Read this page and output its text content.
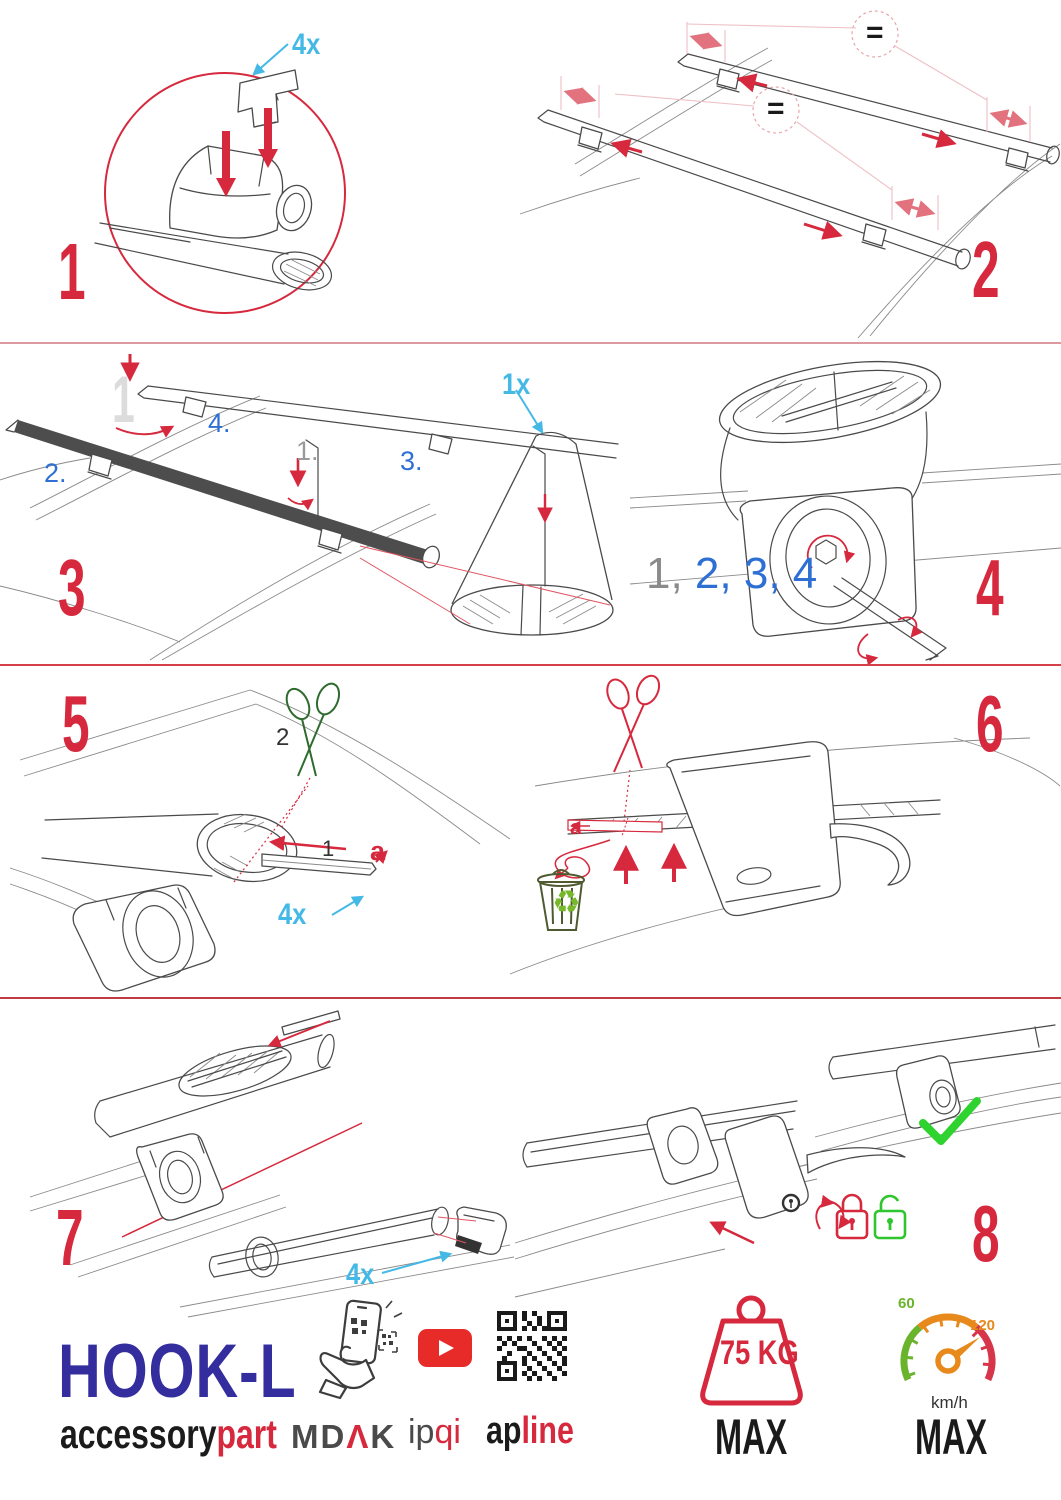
4x
1
=
=
2
1
2.
4.
1.	3.
1x
3	1, 2, 3, 4 4
5	2
1 a
4x
6
a
♻
7	4x	8
HOOK-L
accessorypart MDΛK ipqi apline
75 KG
MAX
60
120
km/h
MAX
